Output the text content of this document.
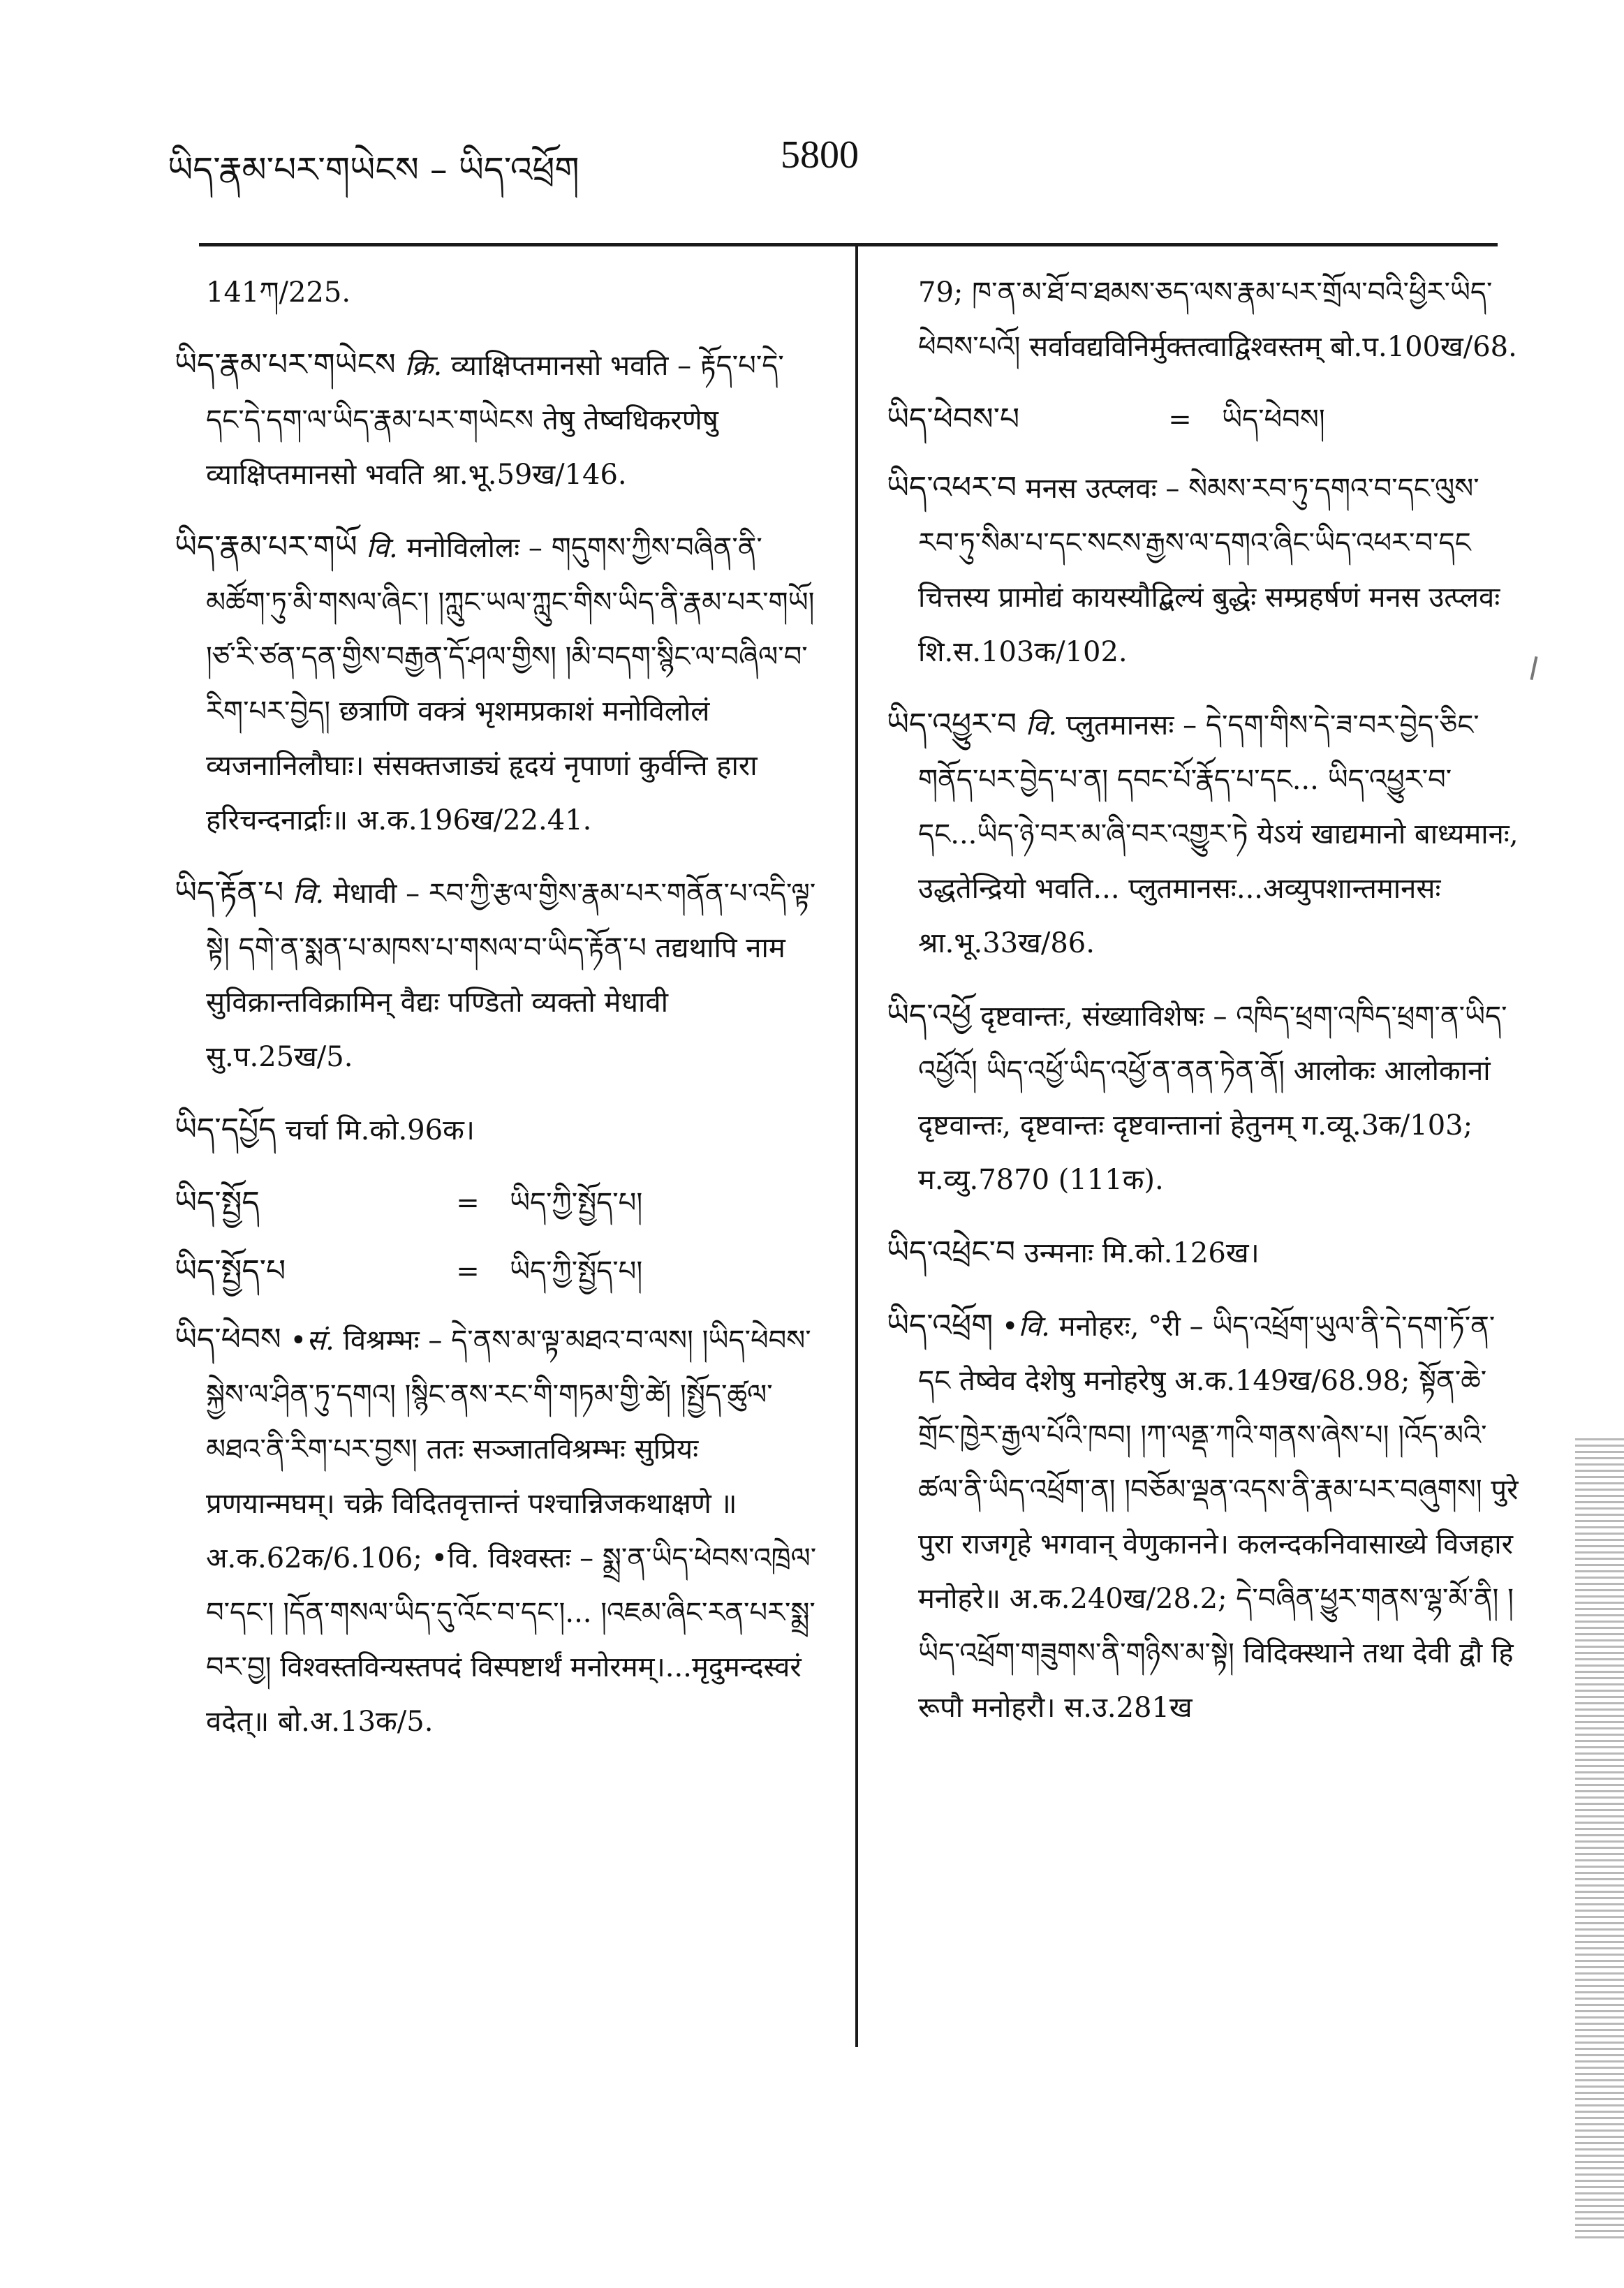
ཡིད་རྣམ་པར་གཡེངས – ཡིད་འཕྲོག	5800
141ཀ/225.
ཡིད་རྣམ་པར་གཡེངས क्रि. व्याक्षिप्तमानसो भवति – རྟོད་པ་དེ་དང་དེ་དག་ལ་ཡིད་རྣམ་པར་གཡེངས तेषु तेष्वधिकरणेषु व्याक्षिप्तमानसो भवति श्रा.भू.59ख/146.
ཡིད་རྣམ་པར་གཡོ वि. मनोविलोलः – གདུགས་ཀྱིས་བཞིན་ནི་མཚོག་ཏུ་མི་གསལ་ཞིང་། །ཀླུང་ཡལ་ཀླུང་གིས་ཡིད་ནི་རྣམ་པར་གཡོ། །ཙ་རི་ཙན་དན་གྱིས་བརྒྱན་དོ་ཤལ་གྱིས། །མི་བདག་སྙིང་ལ་བཞིལ་བ་རིག་པར་བྱེད། छत्राणि वक्त्रं भृशमप्रकाशं मनोविलोलं व्यजनानिलौघाः। संसक्तजाड्यं हृदयं नृपाणां कुर्वन्ति हारा हरिचन्दनार्द्राः॥ अ.क.196ख/22.41.
ཡིད་རྟོན་པ वि. मेधावी – རབ་ཀྱི་རྩལ་གྱིས་རྣམ་པར་གནོན་པ་འདི་ལྟ་སྟེ། དགེ་ན་སྨན་པ་མཁས་པ་གསལ་བ་ཡིད་རྟོན་པ तद्यथापि नाम सुविक्रान्तविक्रामिन् वैद्यः पण्डितो व्यक्तो मेधावी सु.प.25ख/5.
ཡིད་དཔྱོད चर्चा मि.को.96क।
ཡིད་སྤྱོད	=	ཡིད་ཀྱི་སྤྱོད་པ།
ཡིད་སྤྱོད་པ	=	ཡིད་ཀྱི་སྤྱོད་པ།
ཡིད་ཕེབས •सं. विश्रम्भः – དེ་ནས་མ་ལྟ་མཐའ་བ་ལས། །ཡིད་ཕེབས་སྐྱེས་ལ་ཤིན་ཏུ་དགའ། །སྙིང་ནས་རང་གི་གཏམ་གྱི་ཚེ། །སྤྱོད་ཚུལ་མཐའ་ནི་རིག་པར་བྱས། ततः सञ्जातविश्रम्भः सुप्रियः प्रणयान्मघम्। चक्रे विदितवृत्तान्तं पश्चान्निजकथाक्षणे ॥ अ.क.62क/6.106; •वि. विश्वस्तः – སྨྲ་ན་ཡིད་ཕེབས་འཁྲེལ་བ་དང་། །དོན་གསལ་ཡིད་དུ་འོང་བ་དང་།... །འཇམ་ཞིང་རན་པར་སྨྲ་བར་བྱ། विश्वस्तविन्यस्तपदं विस्पष्टार्थं मनोरमम्।...मृदुमन्दस्वरं वदेत्॥ बो.अ.13क/5.
79; ཁ་ན་མ་ཐོ་བ་ཐམས་ཅད་ལས་རྣམ་པར་གྲོལ་བའི་ཕྱིར་ཡིད་ཕེབས་པའོ། सर्वावद्यविनिर्मुक्तत्वाद्विश्वस्तम् बो.प.100ख/68.
ཡིད་ཕེབས་པ	=	ཡིད་ཕེབས།
ཡིད་འཕར་བ मनस उत्प्लवः – སེམས་རབ་ཏུ་དགའ་བ་དང་ལུས་རབ་ཏུ་སིམ་པ་དང་སངས་རྒྱས་ལ་དགའ་ཞིང་ཡིད་འཕར་བ་དང चित्तस्य प्रामोद्यं कायस्यौद्बिल्यं बुद्धेः सम्प्रहर्षणं मनस उत्प्लवः शि.स.103क/102.
ཡིད་འཕྱུར་བ वि. प्लुतमानसः – དེ་དག་གིས་དེ་ཟ་བར་བྱེད་ཅིང་གནོད་པར་བྱེད་པ་ན། དབང་པོ་རྣོད་པ་དང... ཡིད་འཕྱུར་བ་དང...ཡིད་ཉེ་བར་མ་ཞི་བར་འགྱུར་ཏེ येऽयं खाद्यमानो बाध्यमानः, उद्धतेन्द्रियो भवति... प्लुतमानसः...अव्युपशान्तमानसः श्रा.भू.33ख/86.
ཡིད་འཕྱོ दृष्टवान्तः, संख्याविशेषः – འཁིད་ཕྲག་འཁིད་ཕྲག་ན་ཡིད་འཕྱོའོ། ཡིད་འཕྱོ་ཡིད་འཕྱོ་ན་ནན་ཏེན་ནོ། आलोकः आलोकानां दृष्टवान्तः, दृष्टवान्तः दृष्टवान्तानां हेतुनम् ग.व्यू.3क/103; म.व्यु.7870 (111क).
ཡིད་འཕྲེང་བ उन्मनाः मि.को.126ख।
ཡིད་འཕྲོག •वि. मनोहरः, °री – ཡིད་འཕྲོག་ཡུལ་ནི་དེ་དག་ཏོ་ན་དང तेष्वेव देशेषु मनोहरेषु अ.क.149ख/68.98; སྟོན་ཆེ་གྲོང་ཁྱེར་རྒྱལ་པོའི་ཁབ། །ཀ་ལནྡ་ཀའི་གནས་ཞེས་པ། །འོད་མའི་ཚལ་ནི་ཡིད་འཕྲོག་ན། །བཅོམ་ལྡན་འདས་ནི་རྣམ་པར་བཞུགས། पुरे पुरा राजगृहे भगवान् वेणुकानने। कलन्दकनिवासाख्ये विजहार मनोहरे॥ अ.क.240ख/28.2; དེ་བཞིན་ཕྱུར་གནས་ལྷ་མོ་ནི། །ཡིད་འཕྲོག་གཟུགས་ནི་གཉིས་མ་སྟེ། विदिक्स्थाने तथा देवी द्वौ हि रूपौ मनोहरौ। स.उ.281ख
